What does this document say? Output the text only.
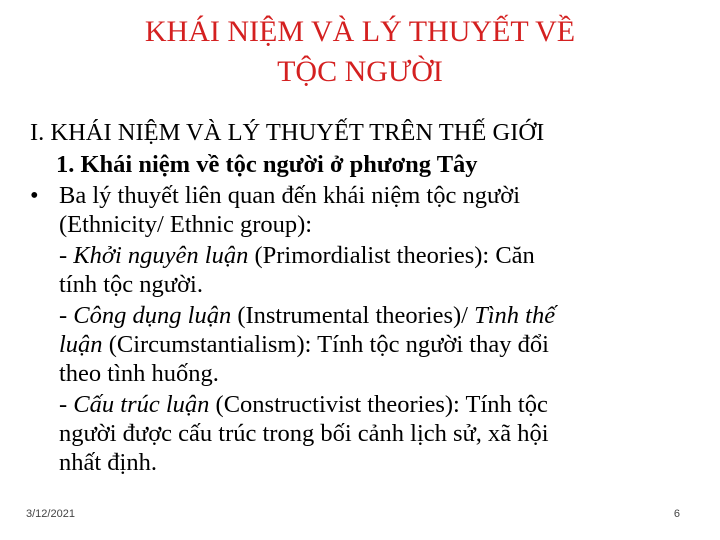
KHÁI NIỆM VÀ LÝ THUYẾT VỀ
TỘC NGƯỜI
I. KHÁI NIỆM VÀ LÝ THUYẾT TRÊN THẾ GIỚI
1. Khái niệm về tộc người ở phương Tây
• Ba lý thuyết liên quan đến khái niệm tộc người
(Ethnicity/ Ethnic group):
- Khởi nguyên luận (Primordialist theories): Căn
tính tộc người.
- Công dụng luận (Instrumental theories)/ Tình thế
luận (Circumstantialism): Tính tộc người thay đổi
theo tình huống.
- Cấu trúc luận (Constructivist theories): Tính tộc
người được cấu trúc trong bối cảnh lịch sử, xã hội
nhất định.
3/12/2021	6
